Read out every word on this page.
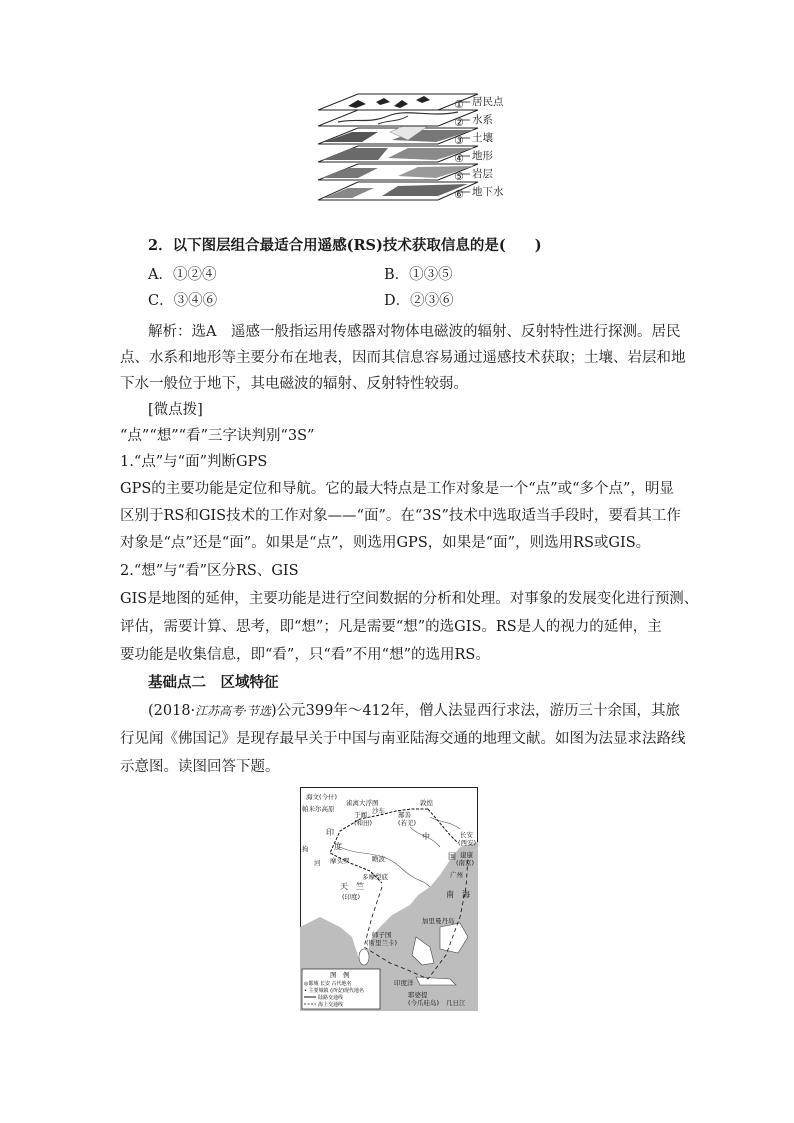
①
②
③
④
⑤
⑥
居民点
水系
土壤
地形
岩层
地下水
2．以下图层组合最适合用遥感(RS)技术获取信息的是(　　)
A．①②④	B．①③⑤
C．③④⑥	D．②③⑥
解析：选A　遥感一般指运用传感器对物体电磁波的辐射、反射特性进行探测。居民
点、水系和地形等主要分布在地表，因而其信息容易通过遥感技术获取；土壤、岩层和地
下水一般位于地下，其电磁波的辐射、反射特性较弱。
[微点拨]
“点”“想”“看”三字诀判别“3S”
1.“点”与“面”判断GPS
GPS的主要功能是定位和导航。它的最大特点是工作对象是一个“点”或“多个点”，明显
区别于RS和GIS技术的工作对象——“面”。在“3S”技术中选取适当手段时，要看其工作
对象是“点”还是“面”。如果是“点”，则选用GPS，如果是“面”，则选用RS或GIS。
2.“想”与“看”区分RS、GIS
GIS是地图的延伸，主要功能是进行空间数据的分析和处理。对事象的发展变化进行预测、
评估，需要计算、思考，即“想”；凡是需要“想”的选GIS。RS是人的视力的延伸，主
要功能是收集信息，即“看”，只“看”不用“想”的选用RS。
基础点二　区域特征
(2018·江苏高考·节选)公元399年～412年，僧人法显西行求法，游历三十余国，其旅
行见闻《佛国记》是现存最早关于中国与南亚陆海交通的地理文献。如图为法显求法路线
示意图。读图回答下题。
海文(今什)
帕米尔高原
雀离大浮图
沙车
于阗
(和田)
敦煌
鄯善
(若羌)
中
国
长安
(西安)
建康
(南京)
广州
印
度
拘
河 摩头罗	瞻波
多摩梨底
天　竺
(印度)
师子国
(斯里兰卡)
南　海
加里曼丹岛
印度洋
耶婆提
(今爪哇岛) 几日江
图　例
◎都城 长安 古代地名
• 主要城镇 (西安)现代地名
陆路交通线
海上交通线
